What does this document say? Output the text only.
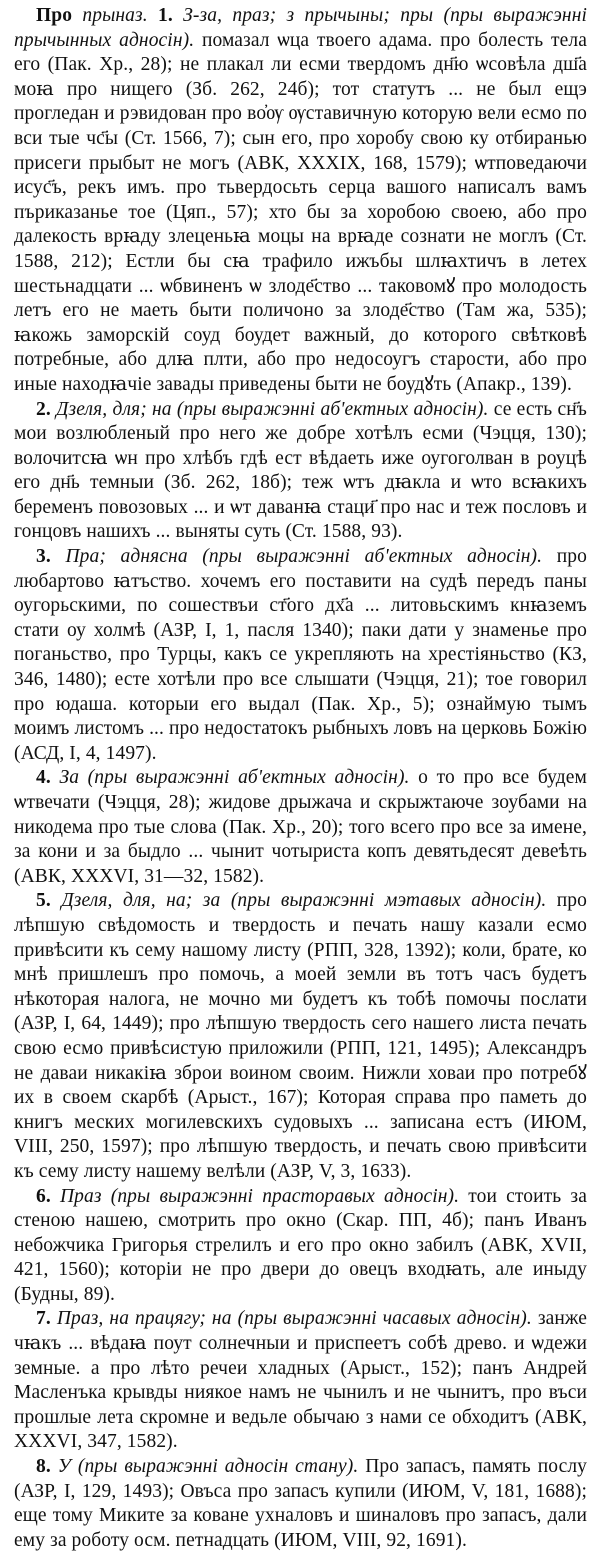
Про прыназ. 1. З-за, праз; з прычыны; пры (пры выражэнні прычынных адносін). помазал ѡца твоего адама. про болесть тела его (Пак. Хр., 28); не плакал ли есми твердомъ дн҃ю ѡсовѣла дш҃а моꙗ про нищего (Зб. 262, 24б); тот статутъ ... не был ещэ прогледан и рэвидован про во҆ѹ ѹставичную которую вели есмо по вси тые чс҃ы (Ст. 1566, 7); сын его, про хоробу свою ку отбиранью присеги прыбыт не могъ (АВК, XXXIX, 168, 1579); ѡтповедаючи исус҃ъ, рекъ имъ. про тьвердосьть серца вашого написалъ вамъ пъриказанье тое (Цяп., 57); хто бы за хоробою своею, або про далекость врꙗду злеценьꙗ моцы на врꙗде сознати не моглъ (Ст. 1588, 212); Естли бы сꙗ трафило ижъбы шлꙗхтичъ в летех шестьнадцати ... ѡбвиненъ ѡ злоде҃ство ... таковомꙋ про молодость летъ его не маеть быти поличоно за злоде҃ство (Там жа, 535); ꙗкожь заморскій соуд боудет важный, до которого свѣтковѣ потребные, або длꙗ плти, або про недосоугъ старости, або про иные находꙗчіе завады приведены быти не боудꙋть (Апакр., 139).

2. Дзеля, для; на (пры выражэнні аб'ектных адносін). се есть сн҃ъ мои возлюбленый про него же добре хотѣлъ есми (Чэцця, 130); волочитсꙗ ѡн про хлѣбъ гдѣ ест вѣдаеть иже оугоголван в роуцѣ его дн҃ь темныи (Зб. 262, 18б); теж ѡтъ дꙗкла и ѡто всꙗкихъ беременъ повозовых ... и ѡт даванꙗ стаци҃ про нас и теж пословъ и гонцовъ нашихъ ... выняты суть (Ст. 1588, 93).

3. Пра; аднясна (пры выражэнні аб'ектных адносін). про любартово ꙗтъство. хочемъ его поставити на судѣ передъ паны оугорьскими, по сошествъи ст҃ого дх҃а ... литовьскимъ кнꙗземъ стати оу холмѣ (АЗР, I, 1, пасля 1340); паки дати у знаменье про поганьство, про Турцы, какъ се укрепляють на хрестіяньство (КЗ, 346, 1480); есте хотѣли про все слышати (Чэцця, 21); тое говорил про юдаша. которыи его выдал (Пак. Хр., 5); ознаймую тымъ моимъ листомъ ... про недостатокъ рыбныхъ ловъ на церковь Божію (АСД, I, 4, 1497).

4. За (пры выражэнні аб'ектных адносін). о то про все будем ѡтвечати (Чэцця, 28); жидове дрыжача и скрыжтаюче зоубами на никодема про тые слова (Пак. Хр., 20); того всего про все за имене, за кони и за быдло ... чынит чотыриста копъ девятьдесят девеѣть (АВК, XXXVI, 31—32, 1582).

5. Дзеля, для, на; за (пры выражэнні мэтавых адносін). про лѣпшую свѣдомость и твердость и печать нашу казали есмо привѣсити къ сему нашому листу (РПП, 328, 1392); коли, брате, ко мнѣ пришлешъ про помочь, а моей земли въ тотъ часъ будетъ нѣкоторая налога, не мочно ми будетъ къ тобѣ помочы послати (АЗР, I, 64, 1449); про лѣпшую твердость сего нашего листа печать свою есмо привѣсистую приложили (РПП, 121, 1495); Александръ не даваи никакіꙗ зброи воином своим. Нижли ховаи про потребꙋ их в своем скарбѣ (Арыст., 167); Которая справа про паметь до книгъ меских могилевскихъ судовыхъ ... записана естъ (ИЮМ, VIII, 250, 1597); про лѣпшую твердость, и печать свою привѣсити къ сему листу нашему велѣли (АЗР, V, 3, 1633).

6. Праз (пры выражэнні прасторавых адносін). тои стоить за стеною нашею, смотрить про окно (Скар. ПП, 4б); панъ Иванъ небожчика Григорья стрелилъ и его про окно забилъ (АВК, XVII, 421, 1560); которіи не про двери до овецъ входꙗть, але иныду (Будны, 89).

7. Праз, на працягу; на (пры выражэнні часавых адносін). занже чꙗкъ ... вѣдаꙗ поут солнечныи и приспеетъ собѣ древо. и ѡдежи земные. а про лѣто речеи хладных (Арыст., 152); панъ Андрей Масленъка крывды ниякое намъ не чынилъ и не чынитъ, про въси прошлые лета скромне и ведьле обычаю з нами се обходитъ (АВК, XXXVI, 347, 1582).

8. У (пры выражэнні адносін стану). Про запасъ, память послу (АЗР, I, 129, 1493); Овъса про запасъ купили (ИЮМ, V, 181, 1688); еще тому Микитe за кованe ухналовъ и шиналовъ про запасъ, дали ему за роботу осм. петнадцать (ИЮМ, VIII, 92, 1691).
